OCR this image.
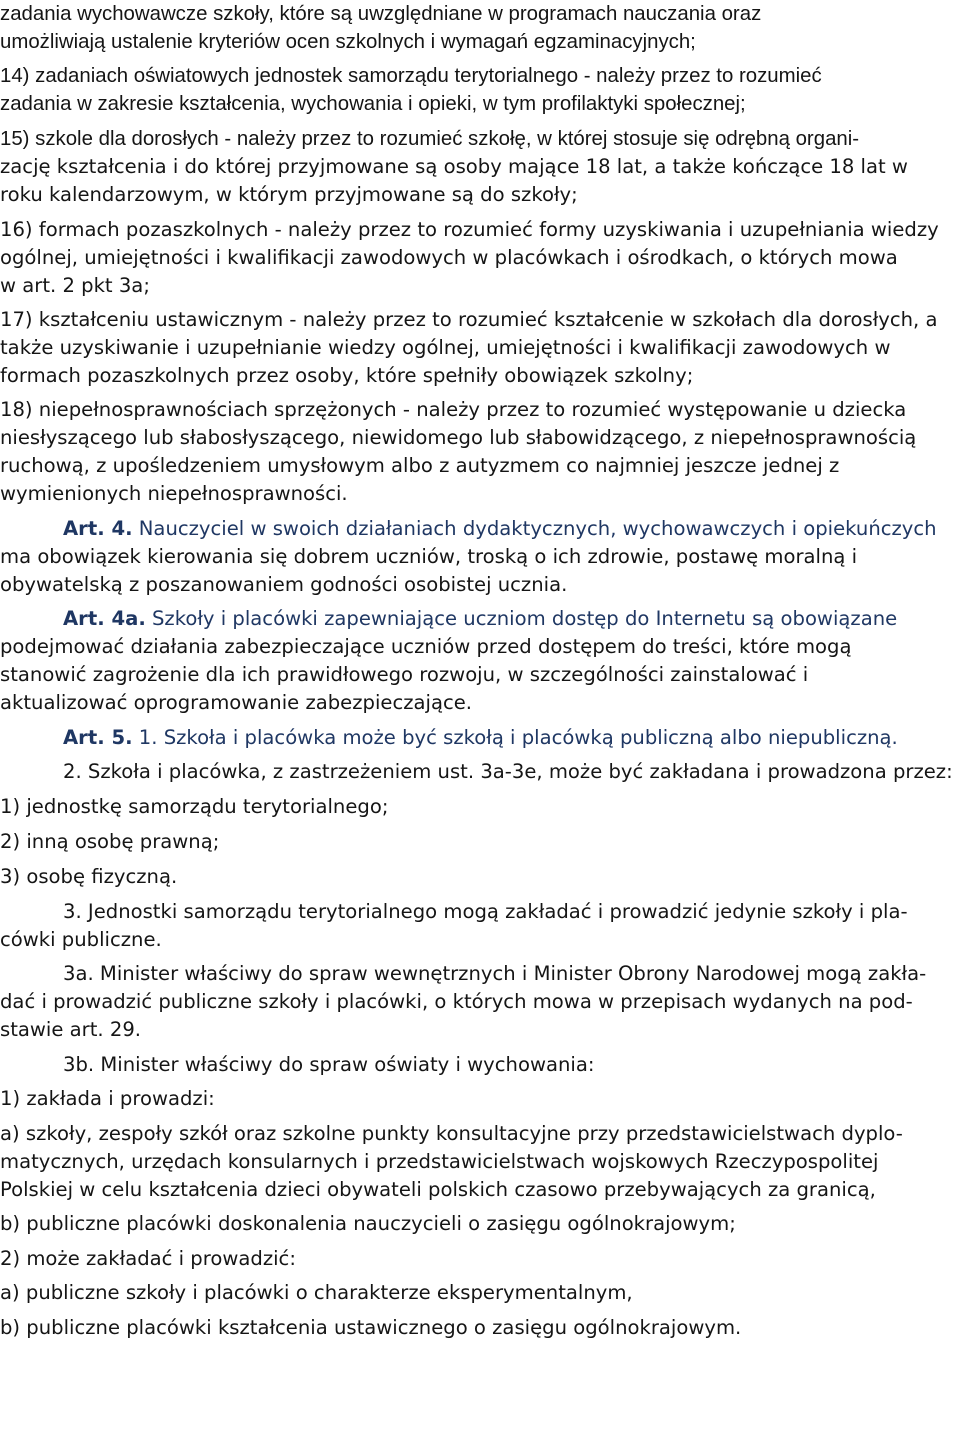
zadania wychowawcze szkoły, które są uwzględniane w programach nauczania oraz
umożliwiają ustalenie kryteriów ocen szkolnych i wymagań egzaminacyjnych;
14) zadaniach oświatowych jednostek samorządu terytorialnego - należy przez to rozumieć
zadania w zakresie kształcenia, wychowania i opieki, w tym profilaktyki społecznej;
15) szkole dla dorosłych - należy przez to rozumieć szkołę, w której stosuje się odrębną organi-
zację kształcenia i do której przyjmowane są osoby mające 18 lat, a także kończące 18 lat w
roku kalendarzowym, w którym przyjmowane są do szkoły;
16) formach pozaszkolnych - należy przez to rozumieć formy uzyskiwania i uzupełniania wiedzy
ogólnej, umiejętności i kwalifikacji zawodowych w placówkach i ośrodkach, o których mowa
w art. 2 pkt 3a;
17) kształceniu ustawicznym - należy przez to rozumieć kształcenie w szkołach dla dorosłych, a
także uzyskiwanie i uzupełnianie wiedzy ogólnej, umiejętności i kwalifikacji zawodowych w
formach pozaszkolnych przez osoby, które spełniły obowiązek szkolny;
18) niepełnosprawnościach sprzężonych - należy przez to rozumieć występowanie u dziecka
niesłyszącego lub słabosłyszącego, niewidomego lub słabowidzącego, z niepełnosprawnością
ruchową, z upośledzeniem umysłowym albo z autyzmem co najmniej jeszcze jednej z
wymienionych niepełnosprawności.
Art. 4. Nauczyciel w swoich działaniach dydaktycznych, wychowawczych i opiekuńczych
ma obowiązek kierowania się dobrem uczniów, troską o ich zdrowie, postawę moralną i
obywatelską z poszanowaniem godności osobistej ucznia.
Art. 4a. Szkoły i placówki zapewniające uczniom dostęp do Internetu są obowiązane
podejmować działania zabezpieczające uczniów przed dostępem do treści, które mogą
stanowić zagrożenie dla ich prawidłowego rozwoju, w szczególności zainstalować i
aktualizować oprogramowanie zabezpieczające.
Art. 5. 1. Szkoła i placówka może być szkołą i placówką publiczną albo niepubliczną.
2. Szkoła i placówka, z zastrzeżeniem ust. 3a-3e, może być zakładana i prowadzona przez:
1) jednostkę samorządu terytorialnego;
2) inną osobę prawną;
3) osobę fizyczną.
3. Jednostki samorządu terytorialnego mogą zakładać i prowadzić jedynie szkoły i pla-
cówki publiczne.
3a. Minister właściwy do spraw wewnętrznych i Minister Obrony Narodowej mogą zakła-
dać i prowadzić publiczne szkoły i placówki, o których mowa w przepisach wydanych na pod-
stawie art. 29.
3b. Minister właściwy do spraw oświaty i wychowania:
1) zakłada i prowadzi:
a) szkoły, zespoły szkół oraz szkolne punkty konsultacyjne przy przedstawicielstwach dyplo-
matycznych, urzędach konsularnych i przedstawicielstwach wojskowych Rzeczypospolitej
Polskiej w celu kształcenia dzieci obywateli polskich czasowo przebywających za granicą,
b) publiczne placówki doskonalenia nauczycieli o zasięgu ogólnokrajowym;
2) może zakładać i prowadzić:
a) publiczne szkoły i placówki o charakterze eksperymentalnym,
b) publiczne placówki kształcenia ustawicznego o zasięgu ogólnokrajowym.
